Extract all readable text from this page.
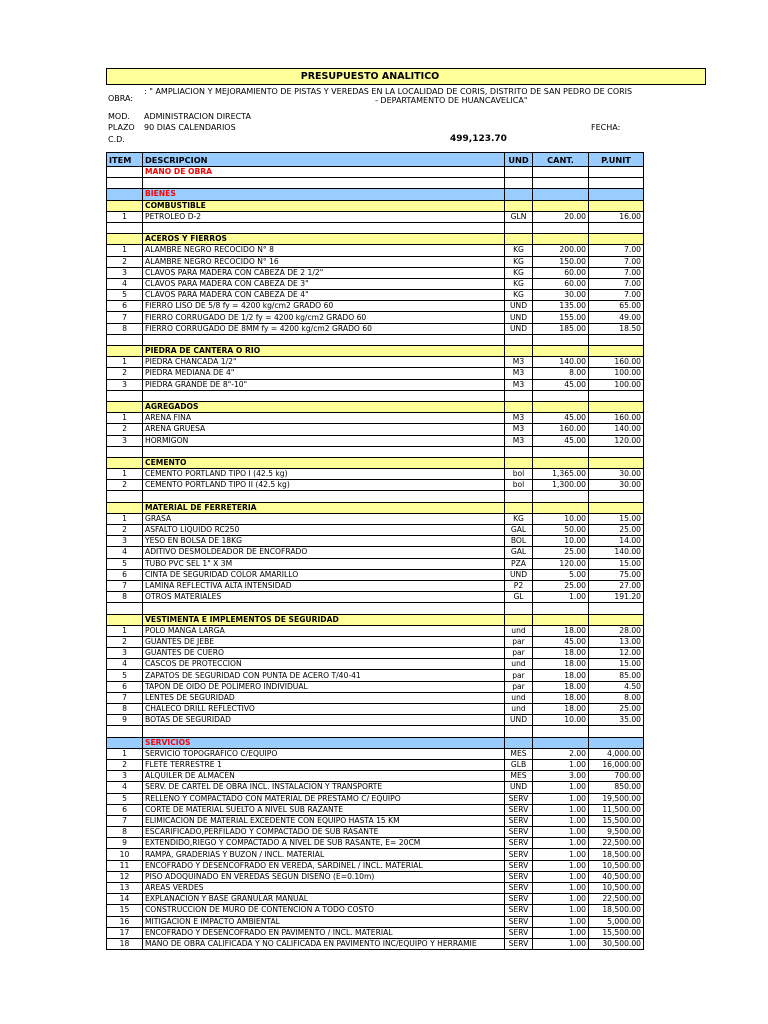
PRESUPUESTO ANALITICO
: " AMPLIACION Y MEJORAMIENTO DE PISTAS Y VEREDAS EN LA LOCALIDAD DE CORIS, DISTRITO DE SAN PEDRO DE CORIS
OBRA:	- DEPARTAMENTO DE HUANCAVELICA"
MOD. ADMINISTRACION DIRECTA
PLAZO 90 DIAS CALENDARIOS	FECHA:
C.D.	499,123.70
ITEM	DESCRIPCION	UND	CANT.	P.UNIT
	MANO DE OBRA			

	BIENES			
	COMBUSTIBLE			
1	PETROLEO D-2	GLN	20.00	16.00

	ACEROS Y FIERROS			
1	ALAMBRE NEGRO RECOCIDO N° 8	KG	200.00	7.00
2	ALAMBRE NEGRO RECOCIDO N° 16	KG	150.00	7.00
3	CLAVOS PARA MADERA CON CABEZA DE 2 1/2"	KG	60.00	7.00
4	CLAVOS PARA MADERA CON CABEZA DE 3"	KG	60.00	7.00
5	CLAVOS PARA MADERA CON CABEZA DE 4"	KG	30.00	7.00
6	FIERRO LISO DE 5/8 fy = 4200 kg/cm2 GRADO 60	UND	135.00	65.00
7	FIERRO CORRUGADO DE 1/2 fy = 4200 kg/cm2 GRADO 60	UND	155.00	49.00
8	FIERRO CORRUGADO DE 8MM fy = 4200 kg/cm2 GRADO 60	UND	185.00	18.50

	PIEDRA DE CANTERA O RIO			
1	PIEDRA CHANCADA 1/2"	M3	140.00	160.00
2	PIEDRA MEDIANA DE 4"	M3	8.00	100.00
3	PIEDRA GRANDE DE 8"-10"	M3	45.00	100.00

	AGREGADOS			
1	ARENA FINA	M3	45.00	160.00
2	ARENA GRUESA	M3	160.00	140.00
3	HORMIGON	M3	45.00	120.00

	CEMENTO			
1	CEMENTO PORTLAND TIPO I (42.5 kg)	bol	1,365.00	30.00
2	CEMENTO PORTLAND TIPO II (42.5 kg)	bol	1,300.00	30.00

	MATERIAL DE FERRETERIA			
1	GRASA	KG	10.00	15.00
2	ASFALTO LIQUIDO RC250	GAL	50.00	25.00
3	YESO EN BOLSA DE 18KG	BOL	10.00	14.00
4	ADITIVO DESMOLDEADOR DE ENCOFRADO	GAL	25.00	140.00
5	TUBO PVC SEL 1" X 3M	PZA	120.00	15.00
6	CINTA DE SEGURIDAD COLOR AMARILLO	UND	5.00	75.00
7	LAMINA REFLECTIVA ALTA INTENSIDAD	P2	25.00	27.00
8	OTROS MATERIALES	GL	1.00	191.20

	VESTIMENTA E IMPLEMENTOS DE SEGURIDAD			
1	POLO MANGA LARGA	und	18.00	28.00
2	GUANTES DE JEBE	par	45.00	13.00
3	GUANTES DE CUERO	par	18.00	12.00
4	CASCOS DE PROTECCION	und	18.00	15.00
5	ZAPATOS DE SEGURIDAD CON PUNTA DE ACERO T/40-41	par	18.00	85.00
6	TAPON DE OIDO DE POLIMERO INDIVIDUAL	par	18.00	4.50
7	LENTES DE SEGURIDAD	und	18.00	8.00
8	CHALECO DRILL REFLECTIVO	und	18.00	25.00
9	BOTAS DE SEGURIDAD	UND	10.00	35.00

	SERVICIOS			
1	SERVICIO TOPOGRAFICO C/EQUIPO	MES	2.00	4,000.00
2	FLETE TERRESTRE 1	GLB	1.00	16,000.00
3	ALQUILER DE ALMACEN	MES	3.00	700.00
4	SERV. DE CARTEL DE OBRA INCL. INSTALACION Y TRANSPORTE	UND	1.00	850.00
5	RELLENO Y COMPACTADO CON MATERIAL DE PRESTAMO C/ EQUIPO	SERV	1.00	19,500.00
6	CORTE DE MATERIAL SUELTO A NIVEL SUB RAZANTE	SERV	1.00	11,500.00
7	ELIMICACION DE MATERIAL EXCEDENTE CON EQUIPO HASTA 15 KM	SERV	1.00	15,500.00
8	ESCARIFICADO,PERFILADO Y COMPACTADO DE SUB RASANTE	SERV	1.00	9,500.00
9	EXTENDIDO,RIEGO Y COMPACTADO A NIVEL DE SUB RASANTE, E= 20CM	SERV	1.00	22,500.00
10	RAMPA, GRADERIAS Y BUZON / INCL. MATERIAL	SERV	1.00	18,500.00
11	ENCOFRADO Y DESENCOFRADO EN VEREDA, SARDINEL / INCL. MATERIAL	SERV	1.00	10,500.00
12	PISO ADOQUINADO EN VEREDAS SEGUN DISEÑO (E=0.10m)	SERV	1.00	40,500.00
13	AREAS VERDES	SERV	1.00	10,500.00
14	EXPLANACION Y BASE GRANULAR MANUAL	SERV	1.00	22,500.00
15	CONSTRUCCION DE MURO DE CONTENCION A TODO COSTO	SERV	1.00	18,500.00
16	MITIGACION E IMPACTO AMBIENTAL	SERV	1.00	5,000.00
17	ENCOFRADO Y DESENCOFRADO EN PAVIMENTO / INCL. MATERIAL	SERV	1.00	15,500.00
18	MANO DE OBRA CALIFICADA Y NO CALIFICADA EN PAVIMENTO INC/EQUIPO Y HERRAMIE	SERV	1.00	30,500.00
